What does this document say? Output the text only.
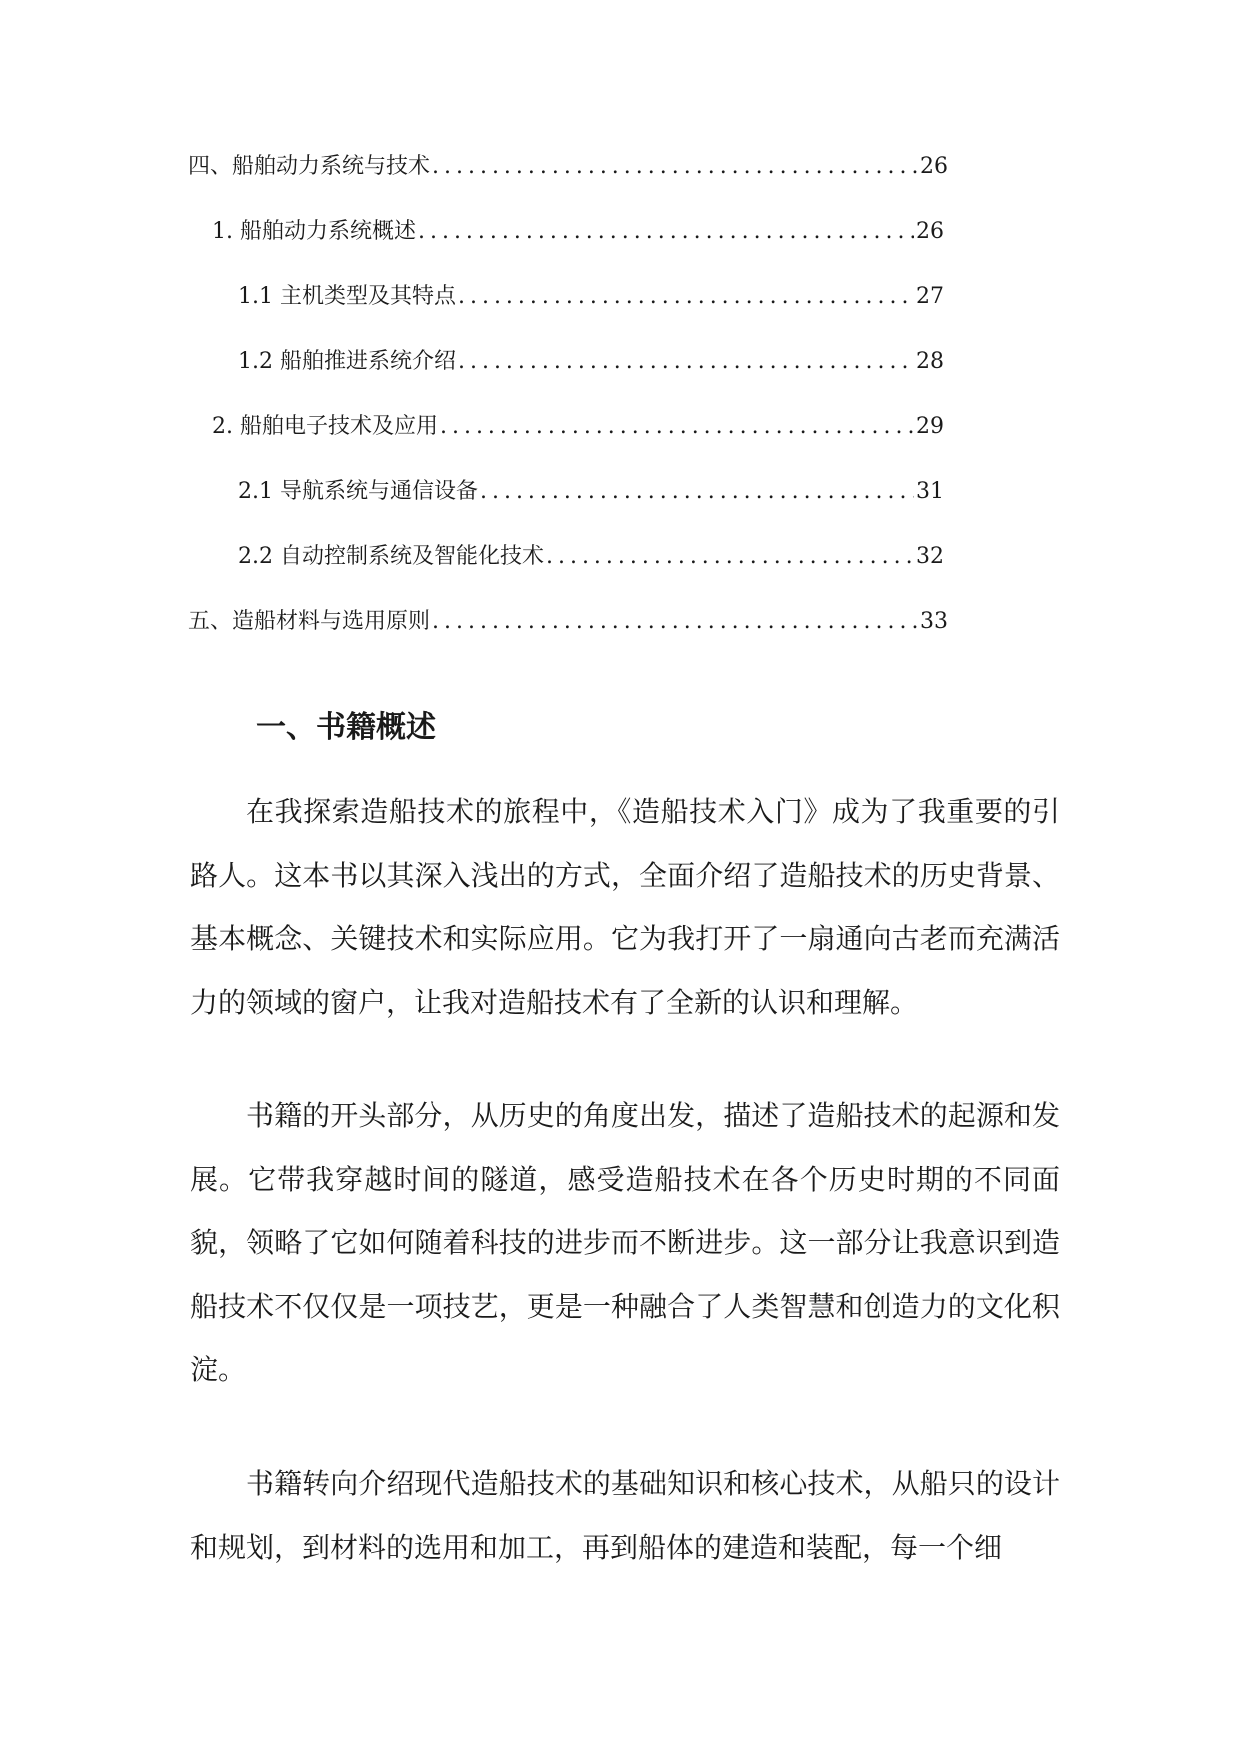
四、船舶动力系统与技术 . . .	26
1. 船舶动力系统概述 . . .	26
1.1 主机类型及其特点 . . .	27
1.2 船舶推进系统介绍 . . .	28
2. 船舶电子技术及应用 . . .	29
2.1 导航系统与通信设备 . . .	31
2.2 自动控制系统及智能化技术 . . .	32
五、造船材料与选用原则 . . .	33
一、书籍概述

在我探索造船技术的旅程中，《造船技术入门》成为了我重要的引路人。这本书以其深入浅出的方式，全面介绍了造船技术的历史背景、基本概念、关键技术和实际应用。它为我打开了一扇通向古老而充满活力的领域的窗户，让我对造船技术有了全新的认识和理解。

书籍的开头部分，从历史的角度出发，描述了造船技术的起源和发展。它带我穿越时间的隧道，感受造船技术在各个历史时期的不同面貌，领略了它如何随着科技的进步而不断进步。这一部分让我意识到造船技术不仅仅是一项技艺，更是一种融合了人类智慧和创造力的文化积淀。

书籍转向介绍现代造船技术的基础知识和核心技术，从船只的设计和规划，到材料的选用和加工，再到船体的建造和装配，每一个细
